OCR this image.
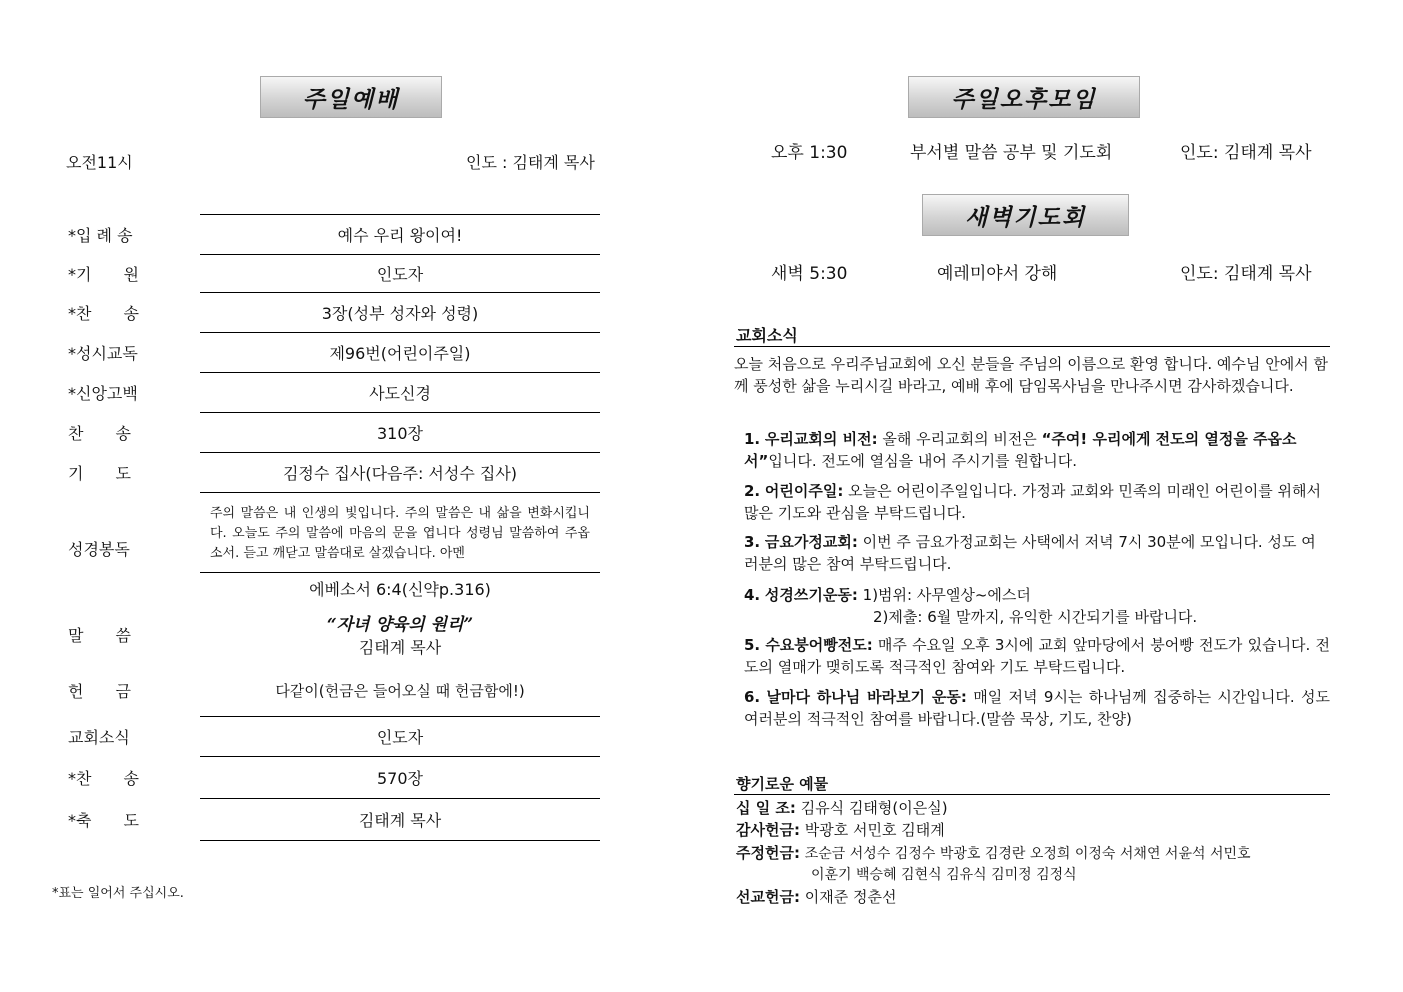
주일예배
오전11시	인도 : 김태계 목사
*입 례 송	예수 우리 왕이여!
*기　　원	인도자
*찬　　송	3장(성부 성자와 성령)
*성시교독	제96번(어린이주일)
*신앙고백	사도신경
찬　　송	310장
기　　도	김정수 집사(다음주: 서성수 집사)
성경봉독
주의 말씀은 내 인생의 빛입니다. 주의 말씀은 내 삶을 변화시킵니다. 오늘도 주의 말씀에 마음의 문을 엽니다 성령님 말씀하여 주옵소서. 듣고 깨닫고 말씀대로 살겠습니다. 아멘
에베소서 6:4(신약p.316)
말　　씀	“자녀 양육의 원리”
김태계 목사
헌　　금	다같이(헌금은 들어오실 때 헌금함에!)
교회소식	인도자
*찬　　송	570장
*축　　도	김태계 목사
*표는 일어서 주십시오.
주일오후모임
오후 1:30	부서별 말씀 공부 및 기도회	인도: 김태계 목사
새벽기도회
새벽 5:30	예레미야서 강해	인도: 김태계 목사
교회소식
오늘 처음으로 우리주님교회에 오신 분들을 주님의 이름으로 환영 합니다. 예수님 안에서 함께 풍성한 삶을 누리시길 바라고, 예배 후에 담임목사님을 만나주시면 감사하겠습니다.
1. 우리교회의 비전: 올해 우리교회의 비전은 “주여! 우리에게 전도의 열정을 주옵소서”입니다. 전도에 열심을 내어 주시기를 원합니다.
2. 어린이주일: 오늘은 어린이주일입니다. 가정과 교회와 민족의 미래인 어린이를 위해서 많은 기도와 관심을 부탁드립니다.
3. 금요가정교회: 이번 주 금요가정교회는 사택에서 저녁 7시 30분에 모입니다. 성도 여러분의 많은 참여 부탁드립니다.
4. 성경쓰기운동: 1)범위: 사무엘상~에스더
2)제출: 6월 말까지, 유익한 시간되기를 바랍니다.
5. 수요붕어빵전도: 매주 수요일 오후 3시에 교회 앞마당에서 붕어빵 전도가 있습니다. 전도의 열매가 맺히도록 적극적인 참여와 기도 부탁드립니다.
6. 날마다 하나님 바라보기 운동: 매일 저녁 9시는 하나님께 집중하는 시간입니다. 성도 여러분의 적극적인 참여를 바랍니다.(말씀 묵상, 기도, 찬양)
향기로운 예물
십 일 조: 김유식 김태형(이은실)
감사헌금: 박광호 서민호 김태계
주정헌금: 조순금 서성수 김정수 박광호 김경란 오정희 이정숙 서채연 서윤석 서민호
이훈기 백승혜 김현식 김유식 김미정 김정식
선교헌금: 이재준 정춘선
